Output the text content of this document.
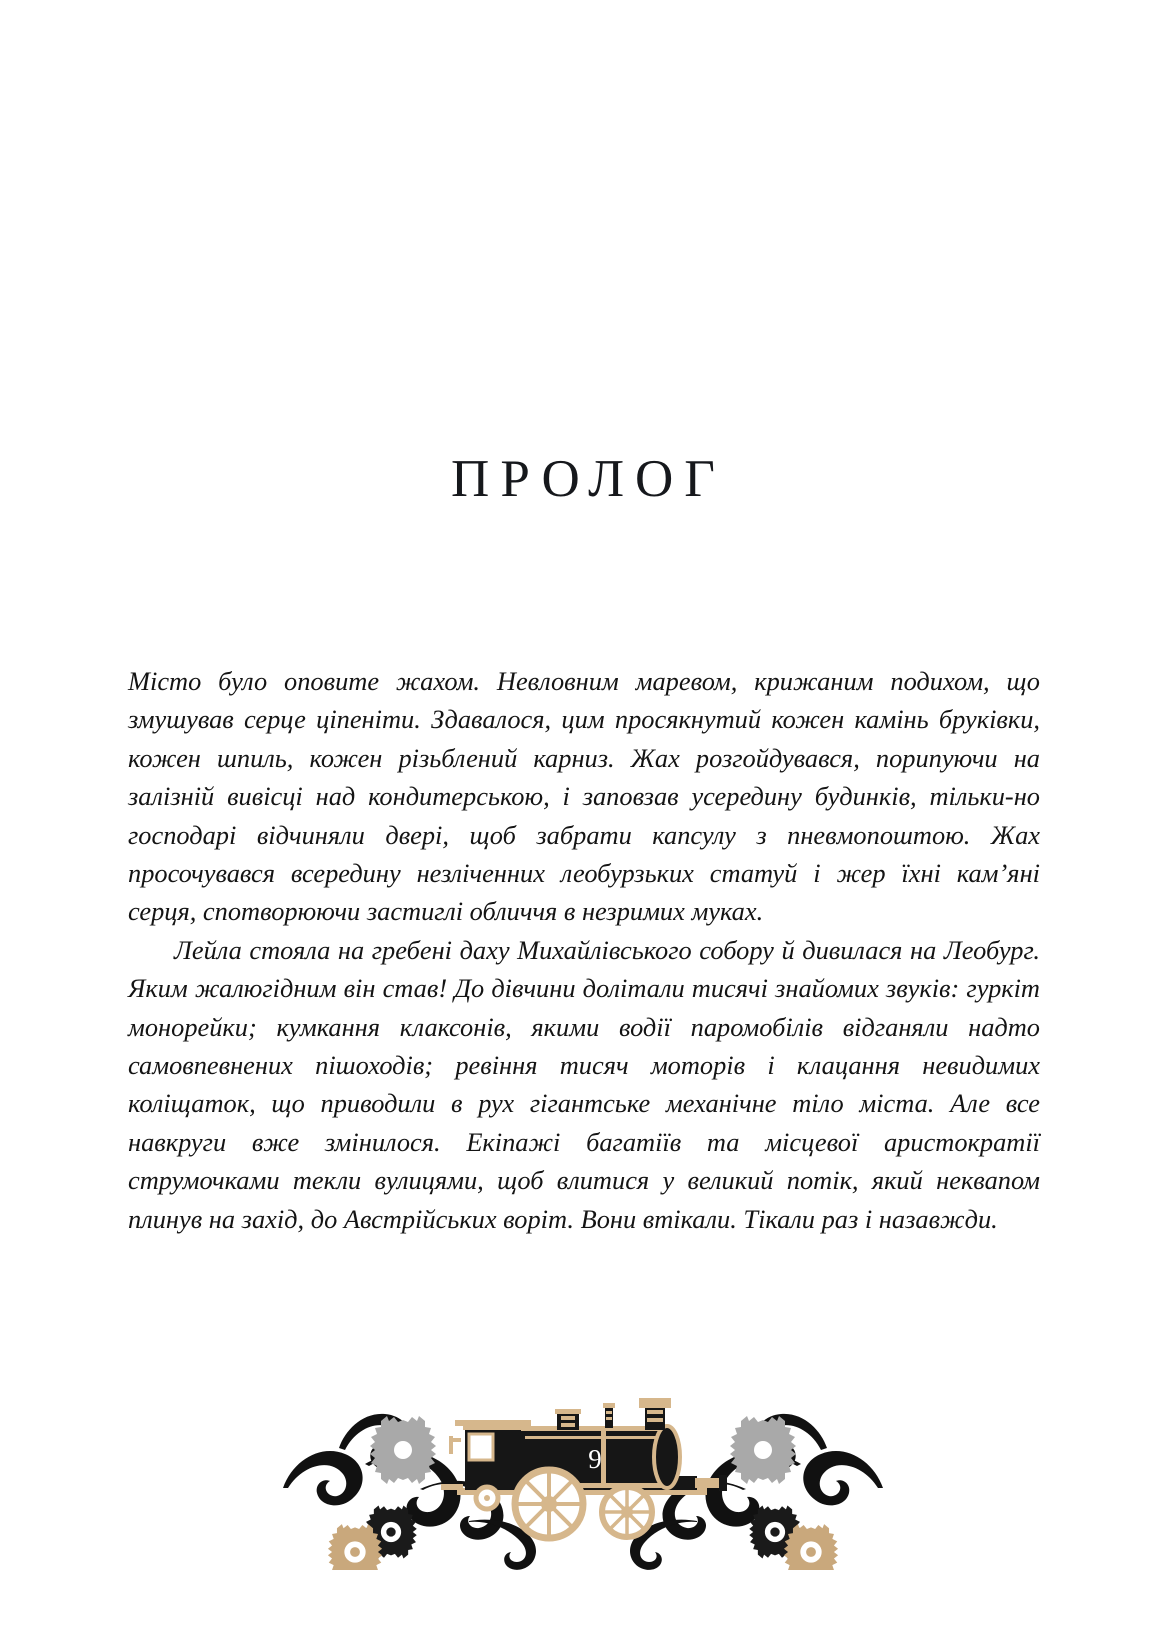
ПРОЛОГ

Місто було оповите жахом. Невловним маревом, крижаним подихом, що змушував серце ціпеніти. Здавалося, цим просякнутий кожен камінь бруківки, кожен шпиль, кожен різьблений карниз. Жах розгойдувався, порипуючи на залізній вивісці над кондитерською, і заповзав усередину будинків, тільки-но господарі відчиняли двері, щоб забрати капсулу з пневмопоштою. Жах просочувався всередину незліченних леобурзьких статуй і жер їхні кам’яні серця, спотворюючи застиглі обличчя в незримих муках.

Лейла стояла на гребені даху Михайлівського собору й дивилася на Леобург. Яким жалюгідним він став! До дівчини долітали тисячі знайомих звуків: гуркіт монорейки; кумкання клаксонів, якими водії паромобілів відганяли надто самовпевнених пішоходів; ревіння тисяч моторів і клацання невидимих коліщаток, що приводили в рух гігантське механічне тіло міста. Але все навкруги вже змінилося. Екіпажі багатіїв та місцевої аристократії струмочками текли вулицями, щоб влитися у великий потік, який неквапом плинув на захід, до Австрійських воріт. Вони втікали. Тікали раз і назавжди.

9
